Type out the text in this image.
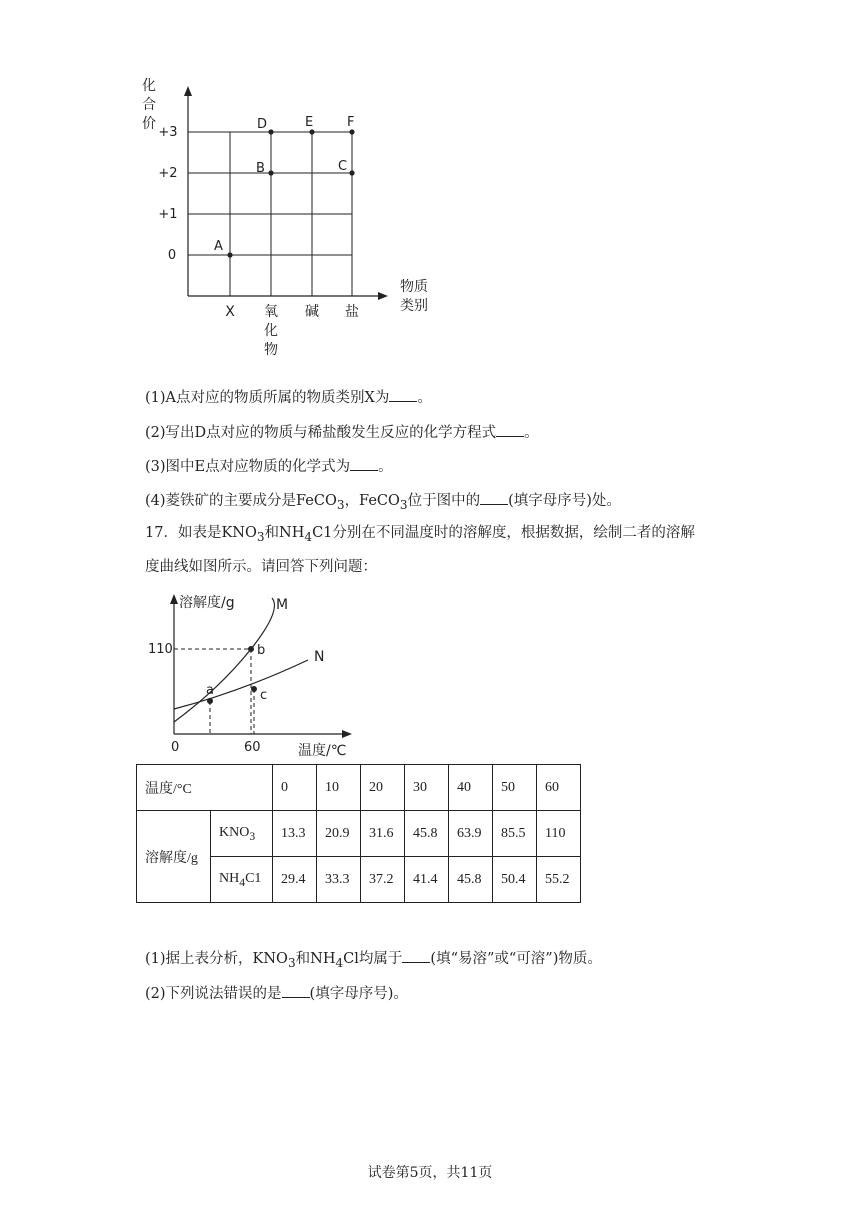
化
合
价
+3
+2
+1
0
X 氧
化
物
碱 盐
物质
类别
A
B
D	E	F
C
(1)A点对应的物质所属的物质类别X为 。
(2)写出D点对应的物质与稀盐酸发生反应的化学方程式 。
(3)图中E点对应物质的化学式为 。
(4)菱铁矿的主要成分是FeCO$_3$，FeCO$_3$位于图中的 (填字母序号)处。
17．如表是$KNO_3$和$NH_4C1$分别在不同温度时的溶解度，根据数据，绘制二者的溶解
度曲线如图所示。请回答下列问题：
溶解度/g
温度/℃
110
0	60
M
N
a
b
c
温度/°C		0	10	20	30	40	50	60
溶解度/g	$KNO_3$	13.3	20.9	31.6	45.8	63.9	85.5	110
	$NH_4C1$	29.4	33.3	37.2	41.4	45.8	50.4	55.2
(1)据上表分析，$KNO_3$和$NH_4Cl$均属于 (填“易溶”或“可溶”)物质。
(2)下列说法错误的是 (填字母序号)。
试卷第5页，共11页
